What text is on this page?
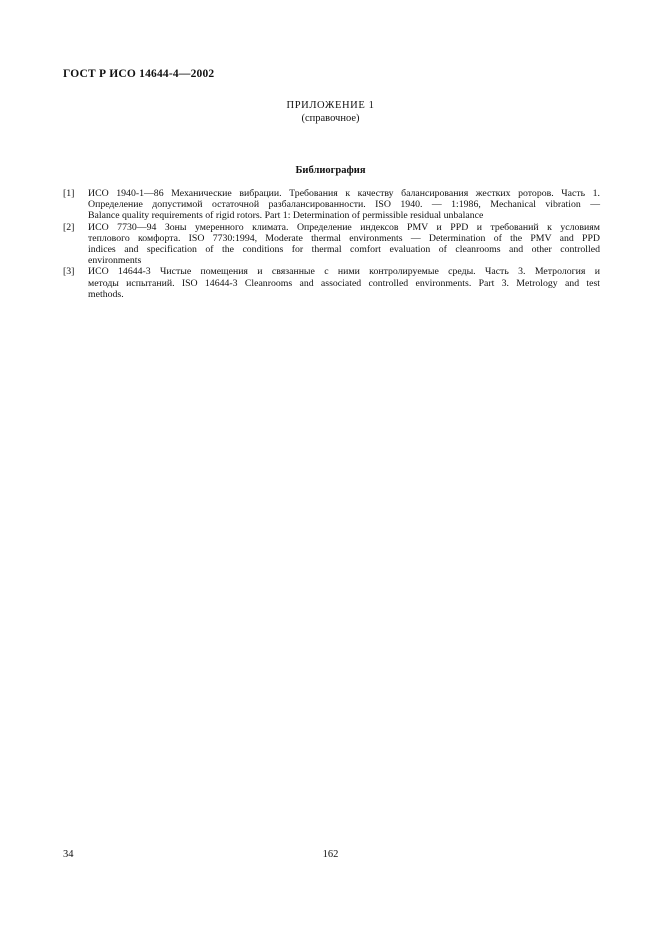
ГОСТ Р ИСО 14644-4—2002
ПРИЛОЖЕНИЕ 1
(справочное)
Библиография
[1]	ИСО 1940-1—86 Механические вибрации. Требования к качеству балансирования жестких роторов. Часть 1.
Определение допустимой остаточной разбалансированности. ISO 1940. — 1:1986, Mechanical vibration —
Balance quality requirements of rigid rotors. Part 1: Determination of permissible residual unbalance
[2]	ИСО 7730—94 Зоны умеренного климата. Определение индексов PMV и PPD и требований к условиям
теплового комфорта. ISO 7730:1994, Moderate thermal environments — Determination of the PMV and PPD
indices and specification of the conditions for thermal comfort evaluation of cleanrooms and other controlled
environments
[3]	ИСО 14644-3 Чистые помещения и связанные с ними контролируемые среды. Часть 3. Метрология и
методы испытаний. ISO 14644-3 Cleanrooms and associated controlled environments. Part 3. Metrology and test
methods.
34	162
